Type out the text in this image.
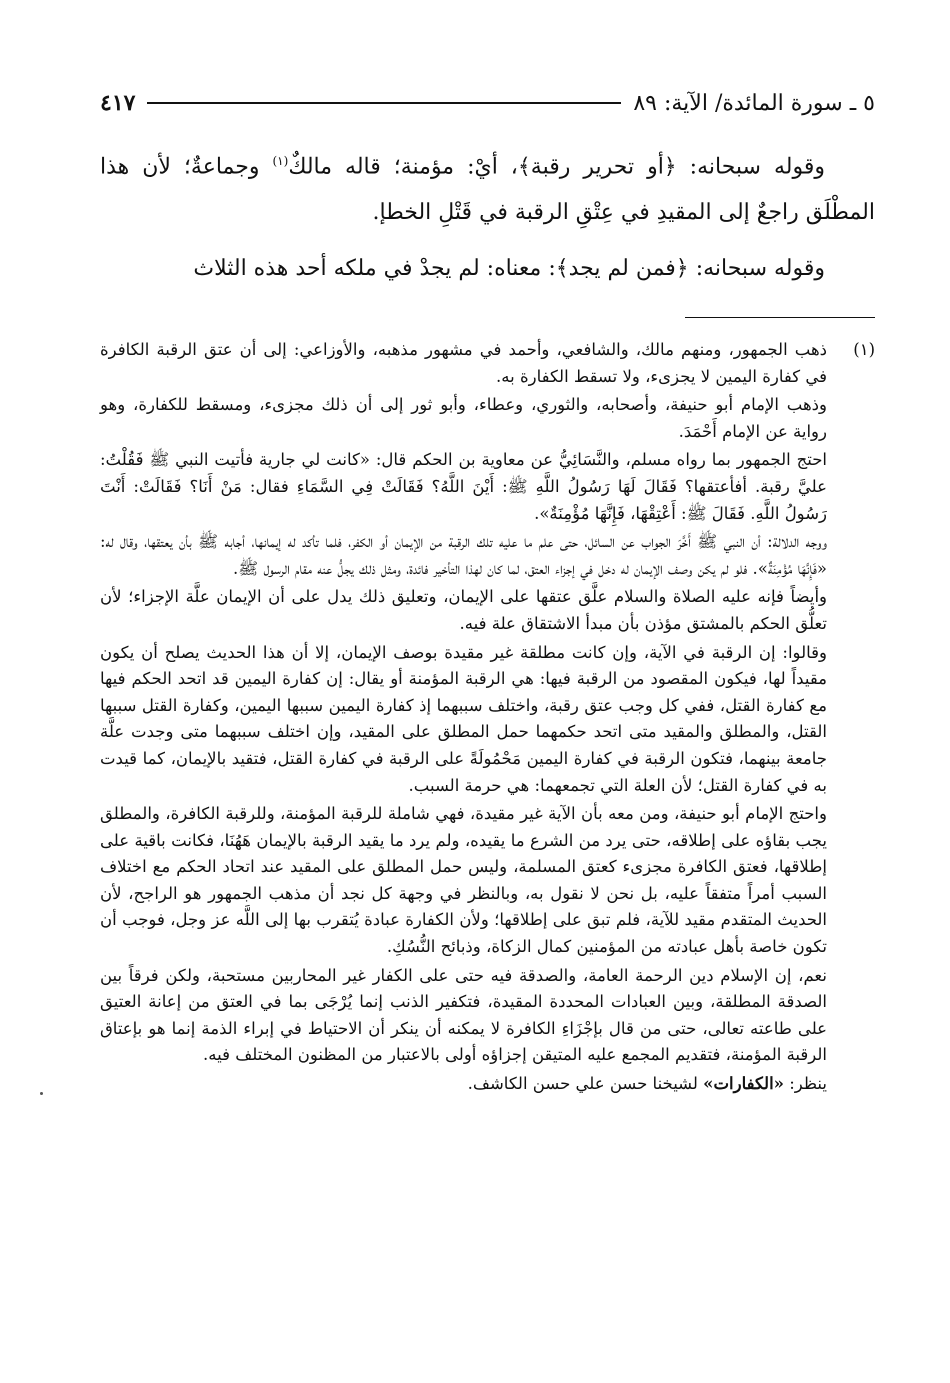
٥ ـ سورة المائدة/ الآية: ٨٩
٤١٧

وقوله سبحانه: ﴿أو تحرير رقبة﴾، أيْ: مؤمنة؛ قاله مالكٌ$^{(١)}$ وجماعةٌ؛ لأن هذا المطْلَق راجعٌ إلى المقيدِ في عِتْقِ الرقبة في قَتْلِ الخطإ.

وقوله سبحانه: ﴿فمن لم يجد﴾: معناه: لم يجدْ في ملكه أحد هذه الثلاث

(١)

ذهب الجمهور، ومنهم مالك، والشافعي، وأحمد في مشهور مذهبه، والأوزاعي: إلى أن عتق الرقبة الكافرة في كفارة اليمين لا يجزىء، ولا تسقط الكفارة به.

وذهب الإمام أبو حنيفة، وأصحابه، والثوري، وعطاء، وأبو ثور إلى أن ذلك مجزىء، ومسقط للكفارة، وهو رواية عن الإمام أَحْمَدَ.

احتج الجمهور بما رواه مسلم، والنَّسَائِيُّ عن معاوية بن الحكم قال: «كانت لي جارية فأتيت النبي ﷺ فَقُلْتُ: عليَّ رقبة. أفأعتقها؟ فَقَالَ لَهَا رَسُولُ اللَّهِ ﷺ: أَيْنَ اللَّهُ؟ فَقَالَتْ فِي السَّمَاءِ فقال: مَنْ أَنَا؟ فَقَالَتْ: أَنْتَ رَسُولُ اللَّهِ. فَقَالَ ﷺ: أَعْتِقْهَا، فَإِنَّهَا مُؤْمِنَةٌ».

ووجه الدلالة: أن النبي ﷺ أَخَّرَ الجواب عن السائل، حتى علم ما عليه تلك الرقبة من الإيمان أو الكفر، فلما تأكد له إيمانها، أجابه ﷺ بأن يعتقها، وقال له: «فَإِنَّهَا مُؤْمِنَةٌ». فلو لم يكن وصف الإيمان له دخل في إجزاء العتق، لما كان لهذا التأخير فائدة، ومثل ذلك يجلُّ عنه مقام الرسول ﷺ.

وأيضاً فإنه عليه الصلاة والسلام علَّق عتقها على الإيمان، وتعليق ذلك يدل على أن الإيمان علَّة الإجزاء؛ لأن تعلُّق الحكم بالمشتق مؤذن بأن مبدأ الاشتقاق علة فيه.

وقالوا: إن الرقبة في الآية، وإن كانت مطلقة غير مقيدة بوصف الإيمان، إلا أن هذا الحديث يصلح أن يكون مقيداً لها، فيكون المقصود من الرقبة فيها: هي الرقبة المؤمنة أو يقال: إن كفارة اليمين قد اتحد الحكم فيها مع كفارة القتل، ففي كل وجب عتق رقبة، واختلف سببهما إذ كفارة اليمين سببها اليمين، وكفارة القتل سببها القتل، والمطلق والمقيد متى اتحد حكمهما حمل المطلق على المقيد، وإن اختلف سببهما متى وجدت علَّة جامعة بينهما، فتكون الرقبة في كفارة اليمين مَحْمُولَةً على الرقبة في كفارة القتل، فتقيد بالإيمان، كما قيدت به في كفارة القتل؛ لأن العلة التي تجمعهما: هي حرمة السبب.

واحتج الإمام أبو حنيفة، ومن معه بأن الآية غير مقيدة، فهي شاملة للرقبة المؤمنة، وللرقبة الكافرة، والمطلق يجب بقاؤه على إطلاقه، حتى يرد من الشرع ما يقيده، ولم يرد ما يقيد الرقبة بالإيمان هَهُنَا، فكانت باقية على إطلاقها، فعتق الكافرة مجزىء كعتق المسلمة، وليس حمل المطلق على المقيد عند اتحاد الحكم مع اختلاف السبب أمراً متفقاً عليه، بل نحن لا نقول به، وبالنظر في وجهة كل نجد أن مذهب الجمهور هو الراجح، لأن الحديث المتقدم مقيد للآية، فلم تبق على إطلاقها؛ ولأن الكفارة عبادة يُتقرب بها إلى اللَّه عز وجل، فوجب أن تكون خاصة بأهل عبادته من المؤمنين كمال الزكاة، وذبائح النُّسُكِ.

نعم، إن الإسلام دين الرحمة العامة، والصدقة فيه حتى على الكفار غير المحاربين مستحبة، ولكن فرقاً بين الصدقة المطلقة، وبين العبادات المحددة المقيدة، فتكفير الذنب إنما يُرْجَى بما في العتق من إعانة العتيق على طاعته تعالى، حتى من قال بإجْزَاءِ الكافرة لا يمكنه أن ينكر أن الاحتياط في إبراء الذمة إنما هو بإعتاق الرقبة المؤمنة، فتقديم المجمع عليه المتيقن إجزاؤه أولى بالاعتبار من المظنون المختلف فيه.

ينظر: «الكفارات» لشيخنا حسن علي حسن الكاشف.
